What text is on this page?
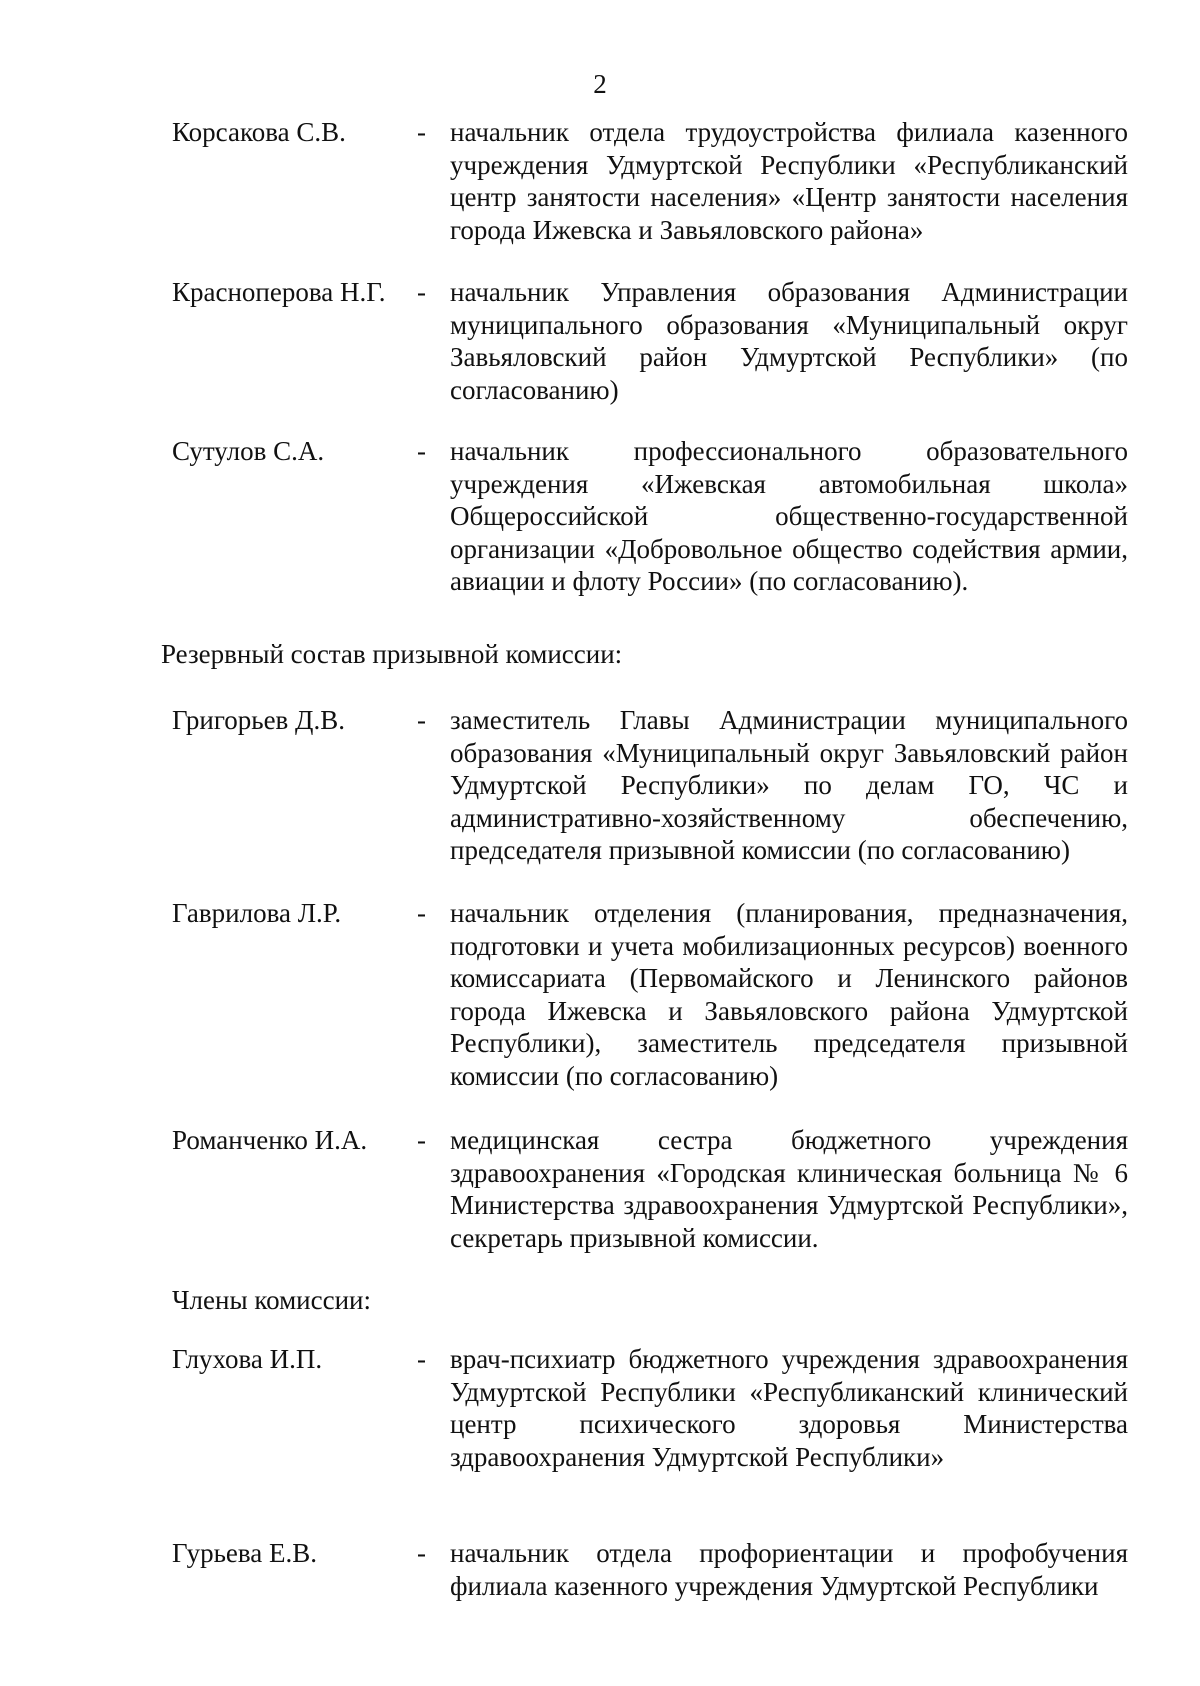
2
Корсакова С.В.	- начальник отдела трудоустройства филиала казенного учреждения Удмуртской Республики «Республиканский центр занятости населения» «Центр занятости населения города Ижевска и Завьяловского района»
Красноперова Н.Г. - начальник Управления образования Администрации муниципального образования «Муниципальный округ Завьяловский район Удмуртской Республики» (по согласованию)
Сутулов С.А.	- начальник профессионального образовательного учреждения «Ижевская автомобильная школа» Общероссийской общественно-государственной организации «Добровольное общество содействия армии, авиации и флоту России» (по согласованию).
Резервный состав призывной комиссии:
Григорьев Д.В.	- заместитель Главы Администрации муниципального образования «Муниципальный округ Завьяловский район Удмуртской Республики» по делам ГО, ЧС и административно-хозяйственному обеспечению, председателя призывной комиссии (по согласованию)
Гаврилова Л.Р.	- начальник отделения (планирования, предназначения, подготовки и учета мобилизационных ресурсов) военного комиссариата (Первомайского и Ленинского районов города Ижевска и Завьяловского района Удмуртской Республики), заместитель председателя призывной комиссии (по согласованию)
Романченко И.А. - медицинская сестра бюджетного учреждения здравоохранения «Городская клиническая больница № 6 Министерства здравоохранения Удмуртской Республики», секретарь призывной комиссии.
Члены комиссии:
Глухова И.П.	- врач-психиатр бюджетного учреждения здравоохранения Удмуртской Республики «Республиканский клинический центр психического здоровья Министерства здравоохранения Удмуртской Республики»
Гурьева Е.В.	- начальник отдела профориентации и профобучения филиала казенного учреждения Удмуртской Республики
